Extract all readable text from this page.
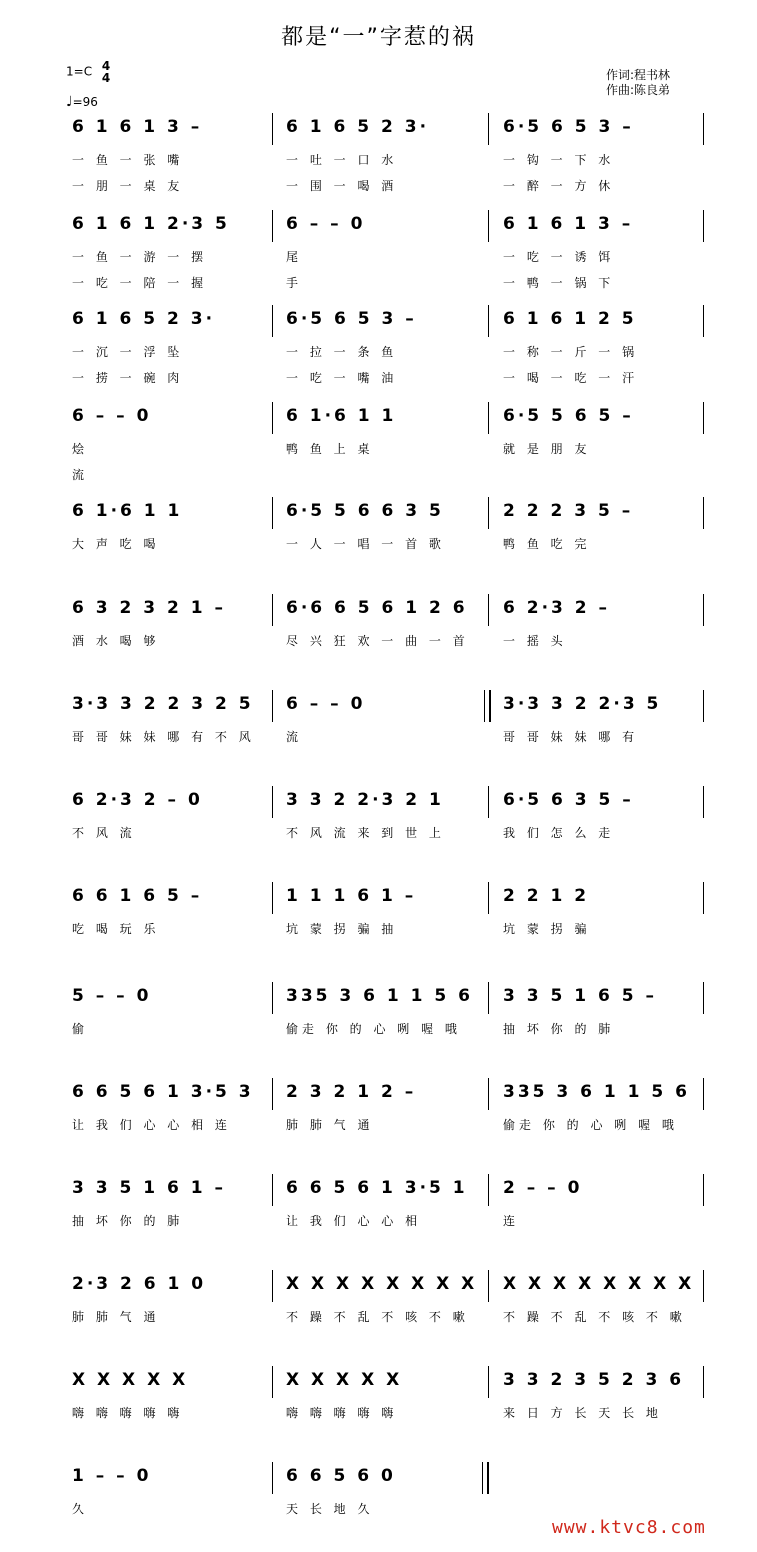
都是“一”字惹的祸
1=C 4
4
♩=96
作词:程书林
作曲:陈良弟
6 1 6 1 3 –
一 鱼 一 张 嘴
一 朋 一 桌 友
6 1 6 5 2 3·
一 吐 一 口 水
一 围 一 喝 酒
6·5 6 5 3 –
一 钩 一 下 水
一 醉 一 方 休
6 1 6 1 2·3 5
一 鱼 一 游 一 摆
一 吃 一 陪 一 握
6 – – 0
尾
手
6 1 6 1 3 –
一 吃 一 诱 饵
一 鸭 一 锅 下
6 1 6 5 2 3·
一 沉 一 浮 坠
一 捞 一 碗 肉
6·5 6 5 3 –
一 拉 一 条 鱼
一 吃 一 嘴 油
6 1 6 1 2 5
一 称 一 斤 一 锅
一 喝 一 吃 一 汗
6 – – 0
烩
流
6 1·6 1 1
鸭 鱼 上 桌
6·5 5 6 5 –
就 是 朋 友
6 1·6 1 1
大 声 吃 喝
6·5 5 6 6 3 5
一 人 一 唱 一 首 歌
2 2 2 3 5 –
鸭 鱼 吃 完
6 3 2 3 2 1 –
酒 水 喝 够
6·6 6 5 6 1 2 6
尽 兴 狂 欢 一 曲 一 首
6 2·3 2 –
一 摇 头
3·3 3 2 2 3 2 5
哥 哥 妹 妹 哪 有 不 风
6 – – 0
流
3·3 3 2 2·3 5
哥 哥 妹 妹 哪 有
6 2·3 2 – 0
不 风 流
3 3 2 2·3 2 1
不 风 流 来 到 世 上
6·5 6 3 5 –
我 们 怎 么 走
6 6 1 6 5 –
吃 喝 玩 乐
1 1 1 6 1 –
坑 蒙 拐 骗 抽
2 2 1 2
坑 蒙 拐 骗
5 – – 0
偷
335 3 6 1 1 5 6
偷走 你 的 心 咧 喔 哦
3 3 5 1 6 5 –
抽 坏 你 的 肺
6 6 5 6 1 3·5 3
让 我 们 心 心 相 连
2 3 2 1 2 –
肺 肺 气 通
335 3 6 1 1 5 6
偷走 你 的 心 咧 喔 哦
3 3 5 1 6 1 –
抽 坏 你 的 肺
6 6 5 6 1 3·5 1
让 我 们 心 心 相
2 – – 0
连
2·3 2 6 1 0
肺 肺 气 通
X X X X X X X X
不 躁 不 乱 不 咳 不 嗽
X X X X X X X X
不 躁 不 乱 不 咳 不 嗽
X X X X X
嗨 嗨 嗨 嗨 嗨
X X X X X
嗨 嗨 嗨 嗨 嗨
3 3 2 3 5 2 3 6
来 日 方 长 天 长 地
1 – – 0
久
6 6 5 6 0
天 长 地 久
www.ktvc8.com
